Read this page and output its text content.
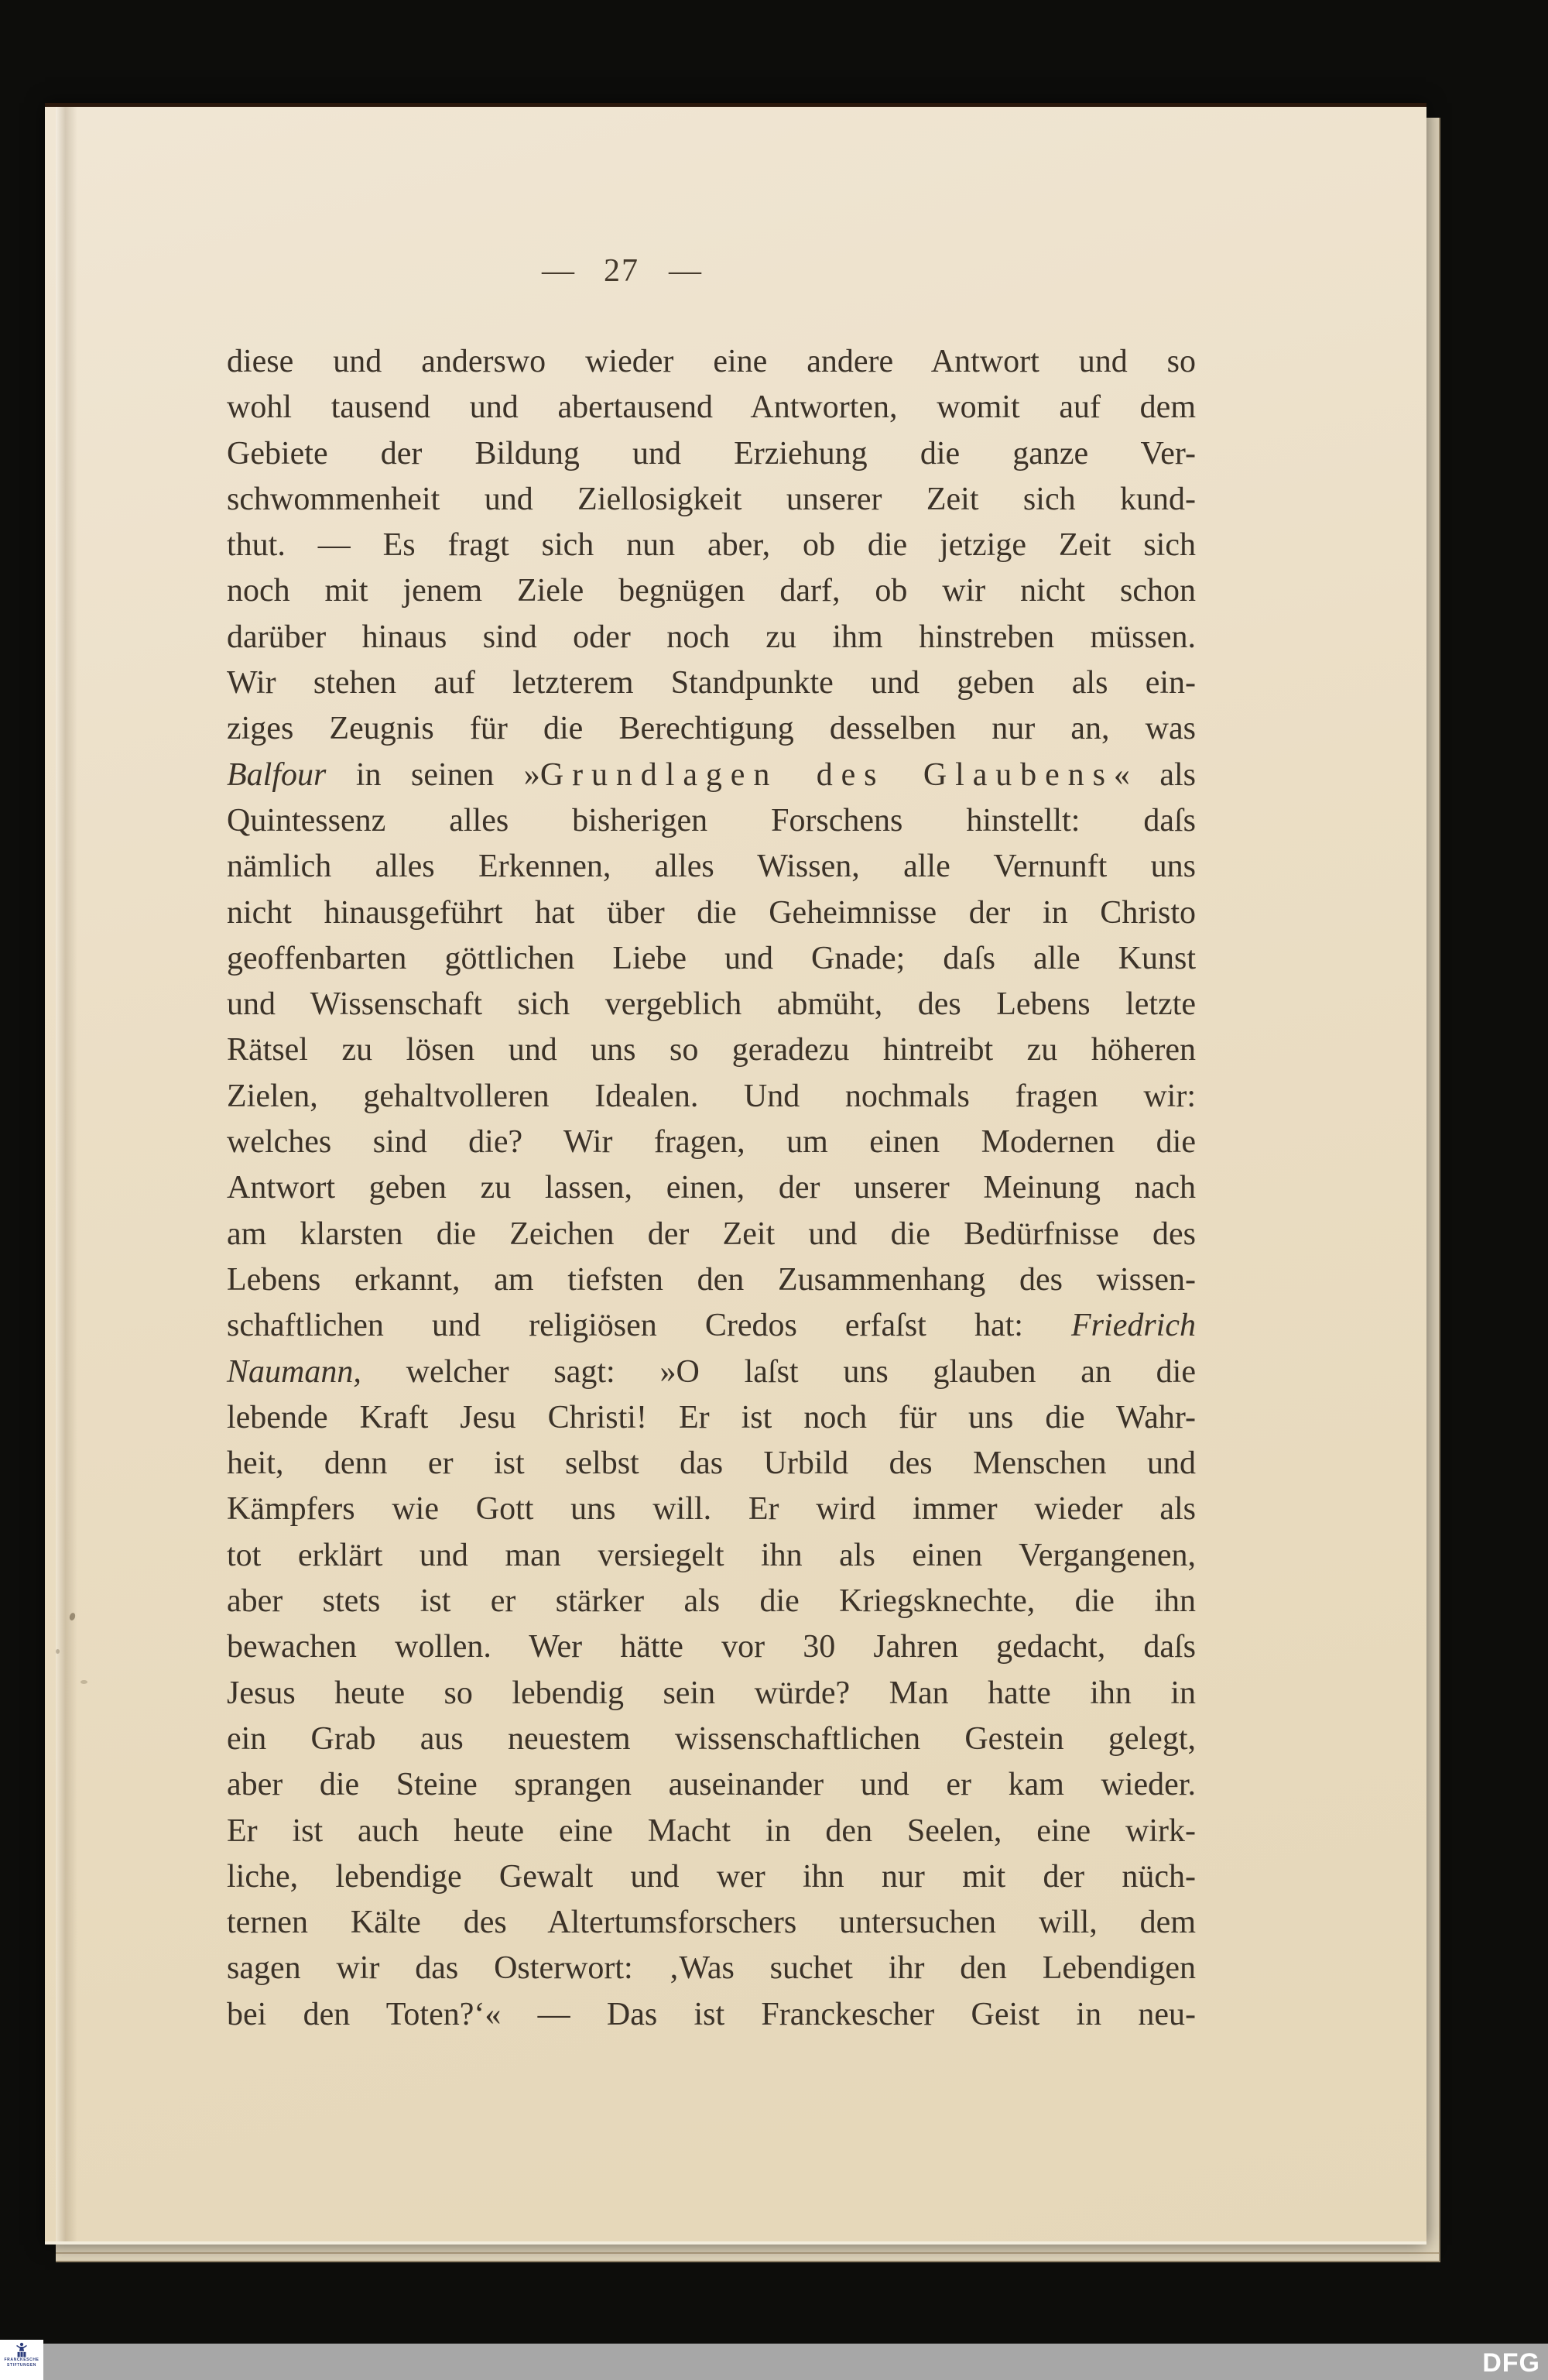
— 27 —
diese und anderswo wieder eine andere Antwort und so
wohl tausend und abertausend Antworten, womit auf dem
Gebiete der Bildung und Erziehung die ganze Ver-
schwommenheit und Ziellosigkeit unserer Zeit sich kund-
thut. — Es fragt sich nun aber, ob die jetzige Zeit sich
noch mit jenem Ziele begnügen darf, ob wir nicht schon
darüber hinaus sind oder noch zu ihm hinstreben müssen.
Wir stehen auf letzterem Standpunkte und geben als ein-
ziges Zeugnis für die Berechtigung desselben nur an, was
Balfour in seinen »Grundlagen des Glaubens« als
Quintessenz alles bisherigen Forschens hinstellt: daſs
nämlich alles Erkennen, alles Wissen, alle Vernunft uns
nicht hinausgeführt hat über die Geheimnisse der in Christo
geoffenbarten göttlichen Liebe und Gnade; daſs alle Kunst
und Wissenschaft sich vergeblich abmüht, des Lebens letzte
Rätsel zu lösen und uns so geradezu hintreibt zu höheren
Zielen, gehaltvolleren Idealen. Und nochmals fragen wir:
welches sind die? Wir fragen, um einen Modernen die
Antwort geben zu lassen, einen, der unserer Meinung nach
am klarsten die Zeichen der Zeit und die Bedürfnisse des
Lebens erkannt, am tiefsten den Zusammenhang des wissen-
schaftlichen und religiösen Credos erfaſst hat: Friedrich
Naumann, welcher sagt: »O laſst uns glauben an die
lebende Kraft Jesu Christi! Er ist noch für uns die Wahr-
heit, denn er ist selbst das Urbild des Menschen und
Kämpfers wie Gott uns will. Er wird immer wieder als
tot erklärt und man versiegelt ihn als einen Vergangenen,
aber stets ist er stärker als die Kriegsknechte, die ihn
bewachen wollen. Wer hätte vor 30 Jahren gedacht, daſs
Jesus heute so lebendig sein würde? Man hatte ihn in
ein Grab aus neuestem wissenschaftlichen Gestein gelegt,
aber die Steine sprangen auseinander und er kam wieder.
Er ist auch heute eine Macht in den Seelen, eine wirk-
liche, lebendige Gewalt und wer ihn nur mit der nüch-
ternen Kälte des Altertumsforschers untersuchen will, dem
sagen wir das Osterwort: ‚Was suchet ihr den Lebendigen
bei den Toten?‘« — Das ist Franckescher Geist in neu-
DFG
FRANCKESCHE
STIFTUNGEN
